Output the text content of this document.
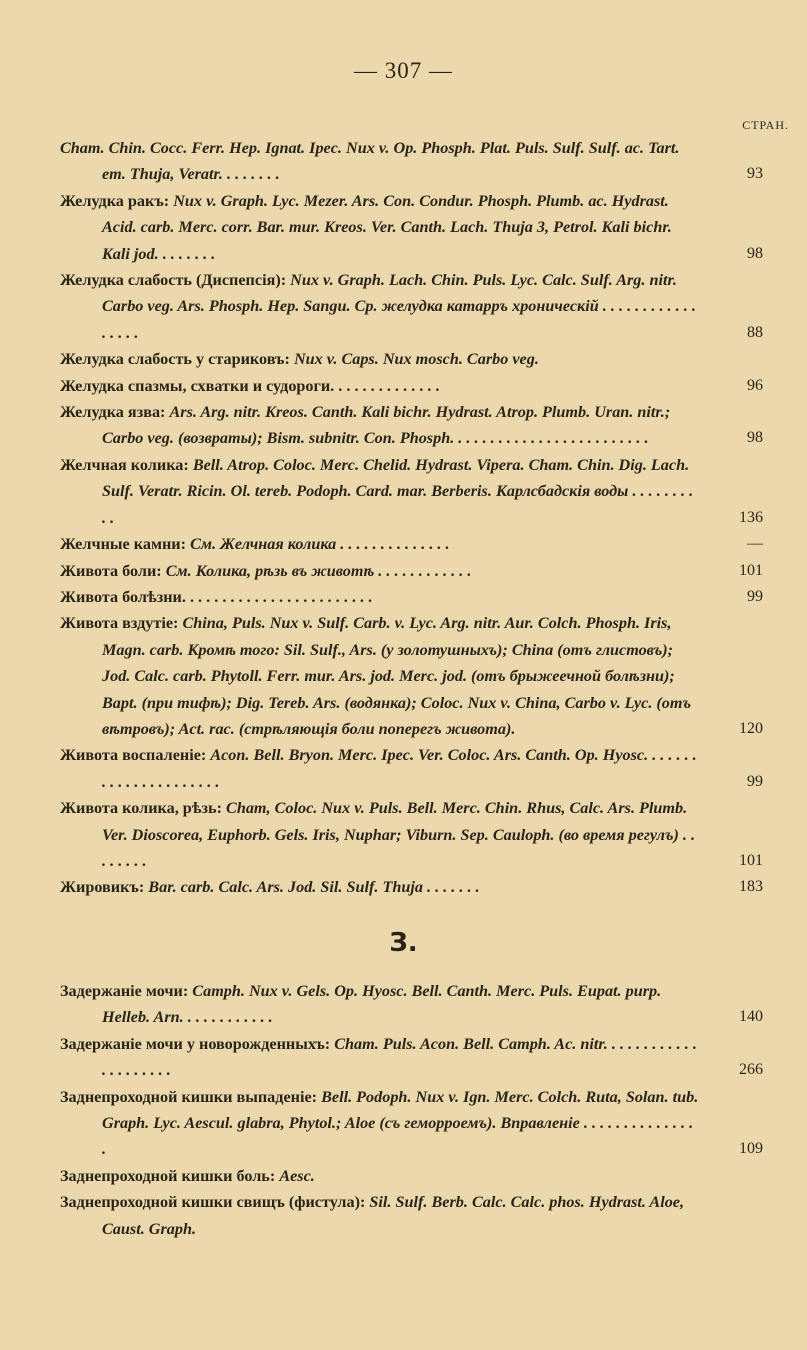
— 307 —
СТРАН.
Cham. Chin. Cocc. Ferr. Hep. Ignat. Ipec. Nux v. Op. Phosph. Plat. Puls. Sulf. Sulf. ac. Tart. em. Thuja, Veratr. . . . . . . .	93
Желудка ракъ: Nux v. Graph. Lyc. Mezer. Ars. Con. Condur. Phosph. Plumb. ac. Hydrast. Acid. carb. Merc. corr. Bar. mur. Kreos. Ver. Canth. Lach. Thuja 3, Petrol. Kali bichr. Kali jod. . . . . . . .	98
Желудка слабость (Диспепсія): Nux v. Graph. Lach. Chin. Puls. Lyc. Calc. Sulf. Arg. nitr. Carbo veg. Ars. Phosph. Hep. Sangu. Ср. желудка катарръ хроническій . . . . . . . . . . . . . . . . .	88
Желудка слабость у стариковъ: Nux v. Caps. Nux mosch. Carbo veg.
Желудка спазмы, схватки и судороги. . . . . . . . . . . . . .	96
Желудка язва: Ars. Arg. nitr. Kreos. Canth. Kali bichr. Hydrast. Atrop. Plumb. Uran. nitr.; Carbo veg. (возвраты); Bism. subnitr. Con. Phosph. . . . . . . . . . . . . . . . . . . . . . . . .	98
Желчная колика: Bell. Atrop. Coloc. Merc. Chelid. Hydrast. Vipera. Cham. Chin. Dig. Lach. Sulf. Veratr. Ricin. Ol. tereb. Podoph. Card. mar. Berberis. Карлсбадскія воды . . . . . . . . . .	136
Желчные камни: См. Желчная колика . . . . . . . . . . . . . .	—
Живота боли: См. Колика, рѣзь въ животѣ . . . . . . . . . . . .	101
Живота болѣзни. . . . . . . . . . . . . . . . . . . . . . . .	99
Живота вздутіе: China, Puls. Nux v. Sulf. Carb. v. Lyc. Arg. nitr. Aur. Colch. Phosph. Iris, Magn. carb. Кромѣ того: Sil. Sulf., Ars. (у золотушныхъ); China (отъ глистовъ); Jod. Calc. carb. Phytoll. Ferr. mur. Ars. jod. Merc. jod. (отъ брыжеечной болѣзни); Bapt. (при тифѣ); Dig. Tereb. Ars. (водянка); Coloc. Nux v. China, Carbo v. Lyc. (отъ вѣтровъ); Act. rac. (стрѣляющія боли поперегъ живота).	120
Живота воспаленіе: Acon. Bell. Bryon. Merc. Ipec. Ver. Coloc. Ars. Canth. Op. Hyosc. . . . . . . . . . . . . . . . . . . . . .	99
Живота колика, рѣзь: Cham, Coloc. Nux v. Puls. Bell. Merc. Chin. Rhus, Calc. Ars. Plumb. Ver. Dioscorea, Euphorb. Gels. Iris, Nuphar; Viburn. Sep. Cauloph. (во время регулъ) . . . . . . . .	101
Жировикъ: Bar. carb. Calc. Ars. Jod. Sil. Sulf. Thuja . . . . . . .	183
З.
Задержаніе мочи: Camph. Nux v. Gels. Op. Hyosc. Bell. Canth. Merc. Puls. Eupat. purp. Helleb. Arn. . . . . . . . . . . .	140
Задержаніе мочи у новорожденныхъ: Cham. Puls. Acon. Bell. Camph. Ac. nitr. . . . . . . . . . . . . . . . . . . . .	266
Заднепроходной кишки выпаденіе: Bell. Podoph. Nux v. Ign. Merc. Colch. Ruta, Solan. tub. Graph. Lyc. Aescul. glabra, Phytol.; Aloe (съ геморроемъ). Вправленіе . . . . . . . . . . . . . . .	109
Заднепроходной кишки боль: Aesc.
Заднепроходной кишки свищъ (фистула): Sil. Sulf. Berb. Calc. Calc. phos. Hydrast. Aloe, Caust. Graph.
